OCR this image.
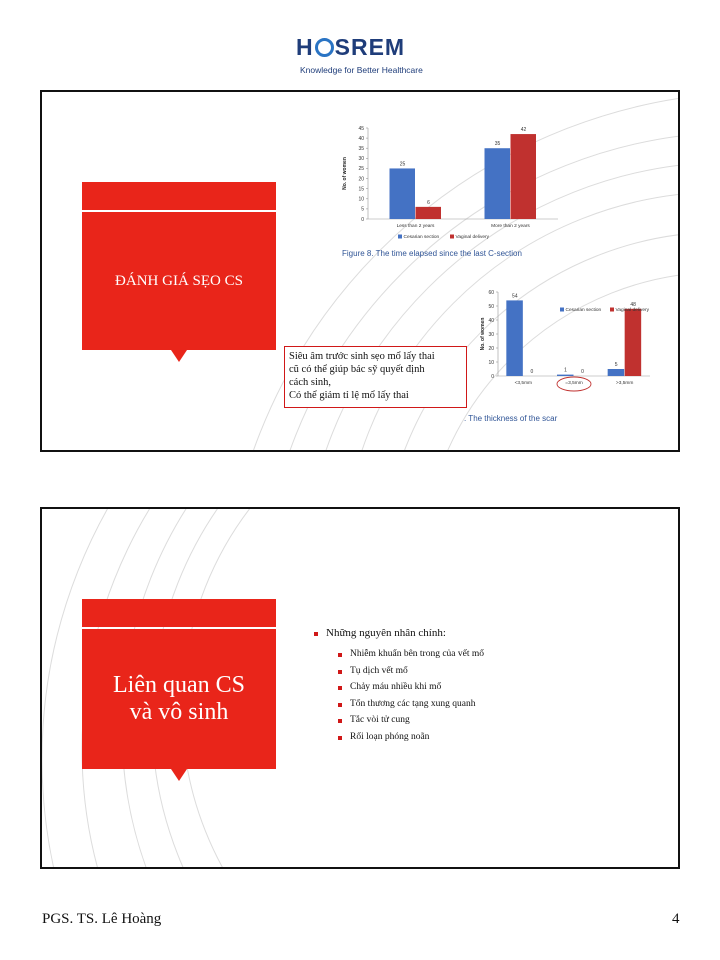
H SREM
Knowledge for Better Healthcare
ĐÁNH GIÁ SẸO CS
0
5
10
15
20
25
30
35
40
45
No. of women	25
6
Less than 2 years
35
42
More than 2 years
Cesarian section	Vaginal delivery
Figure 8. The time elapsed since the last C-section
0
10
20
30
40
50
60
No. of women
54
0
<3,5mm
1	0
=3,5mm
5
48
>3,5mm
Cesarian section	Vaginal delivery
. The thickness of the scar
Siêu âm trước sinh sẹo mổ lấy thai
cũ có thể giúp bác sỹ quyết định
cách sinh,
Có thể giảm tỉ lệ mổ lấy thai
Liên quan CS
và vô sinh
Những nguyên nhân chính:
Nhiễm khuẩn bên trong của vết mổ
Tụ dịch vết mổ
Chảy máu nhiều khi mổ
Tổn thương các tạng xung quanh
Tắc vòi tử cung
Rối loạn phóng noãn
PGS. TS. Lê Hoàng	4
